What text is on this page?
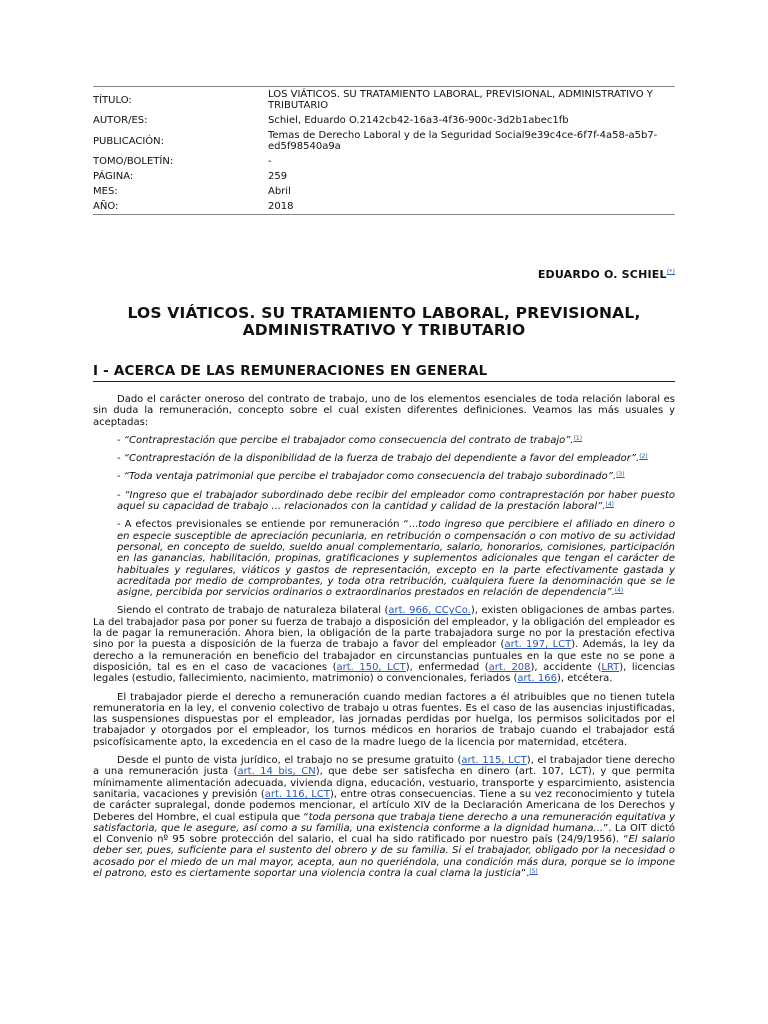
TÍTULO:	LOS VIÁTICOS. SU TRATAMIENTO LABORAL, PREVISIONAL, ADMINISTRATIVO Y TRIBUTARIO
AUTOR/ES:	Schiel, Eduardo O.2142cb42-16a3-4f36-900c-3d2b1abec1fb
PUBLICACIÓN:	Temas de Derecho Laboral y de la Seguridad Social9e39c4ce-6f7f-4a58-a5b7-ed5f98540a9a
TOMO/BOLETÍN:	-
PÁGINA:	259
MES:	Abril
AÑO:	2018
EDUARDO O. SCHIEL(*)
LOS VIÁTICOS. SU TRATAMIENTO LABORAL, PREVISIONAL, ADMINISTRATIVO Y TRIBUTARIO
I - ACERCA DE LAS REMUNERACIONES EN GENERAL

Dado el carácter oneroso del contrato de trabajo, uno de los elementos esenciales de toda relación laboral es sin duda la remuneración, concepto sobre el cual existen diferentes definiciones. Veamos las más usuales y aceptadas:

- “Contraprestación que percibe el trabajador como consecuencia del contrato de trabajo”.$^{(1)}$

- “Contraprestación de la disponibilidad de la fuerza de trabajo del dependiente a favor del empleador”.$^{(2)}$

- “Toda ventaja patrimonial que percibe el trabajador como consecuencia del trabajo subordinado”.$^{(3)}$

- “Ingreso que el trabajador subordinado debe recibir del empleador como contraprestación por haber puesto aquel su capacidad de trabajo ... relacionados con la cantidad y calidad de la prestación laboral”.$^{(4)}$

- A efectos previsionales se entiende por remuneración “...todo ingreso que percibiere el afiliado en dinero o en especie susceptible de apreciación pecuniaria, en retribución o compensación o con motivo de su actividad personal, en concepto de sueldo, sueldo anual complementario, salario, honorarios, comisiones, participación en las ganancias, habilitación, propinas, gratificaciones y suplementos adicionales que tengan el carácter de habituales y regulares, viáticos y gastos de representación, excepto en la parte efectivamente gastada y acreditada por medio de comprobantes, y toda otra retribución, cualquiera fuere la denominación que se le asigne, percibida por servicios ordinarios o extraordinarios prestados en relación de dependencia”.$^{(4)}$

Siendo el contrato de trabajo de naturaleza bilateral (art. 966, CCyCo.), existen obligaciones de ambas partes. La del trabajador pasa por poner su fuerza de trabajo a disposición del empleador, y la obligación del empleador es la de pagar la remuneración. Ahora bien, la obligación de la parte trabajadora surge no por la prestación efectiva sino por la puesta a disposición de la fuerza de trabajo a favor del empleador (art. 197, LCT). Además, la ley da derecho a la remuneración en beneficio del trabajador en circunstancias puntuales en la que este no se pone a disposición, tal es en el caso de vacaciones (art. 150, LCT), enfermedad (art. 208), accidente (LRT), licencias legales (estudio, fallecimiento, nacimiento, matrimonio) o convencionales, feriados (art. 166), etcétera.

El trabajador pierde el derecho a remuneración cuando median factores a él atribuibles que no tienen tutela remuneratoria en la ley, el convenio colectivo de trabajo u otras fuentes. Es el caso de las ausencias injustificadas, las suspensiones dispuestas por el empleador, las jornadas perdidas por huelga, los permisos solicitados por el trabajador y otorgados por el empleador, los turnos médicos en horarios de trabajo cuando el trabajador está psicofísicamente apto, la excedencia en el caso de la madre luego de la licencia por maternidad, etcétera.

Desde el punto de vista jurídico, el trabajo no se presume gratuito (art. 115, LCT), el trabajador tiene derecho a una remuneración justa (art. 14 bis, CN), que debe ser satisfecha en dinero (art. 107, LCT), y que permita mínimamente alimentación adecuada, vivienda digna, educación, vestuario, transporte y esparcimiento, asistencia sanitaria, vacaciones y previsión (art. 116, LCT), entre otras consecuencias. Tiene a su vez reconocimiento y tutela de carácter supralegal, donde podemos mencionar, el artículo XIV de la Declaración Americana de los Derechos y Deberes del Hombre, el cual estipula que “toda persona que trabaja tiene derecho a una remuneración equitativa y satisfactoria, que le asegure, así como a su familia, una existencia conforme a la dignidad humana...”. La OIT dictó el Convenio nº 95 sobre protección del salario, el cual ha sido ratificado por nuestro país (24/9/1956). “El salario deber ser, pues, suficiente para el sustento del obrero y de su familia. Si el trabajador, obligado por la necesidad o acosado por el miedo de un mal mayor, acepta, aun no queriéndola, una condición más dura, porque se lo impone el patrono, esto es ciertamente soportar una violencia contra la cual clama la justicia”.$^{(5)}$
